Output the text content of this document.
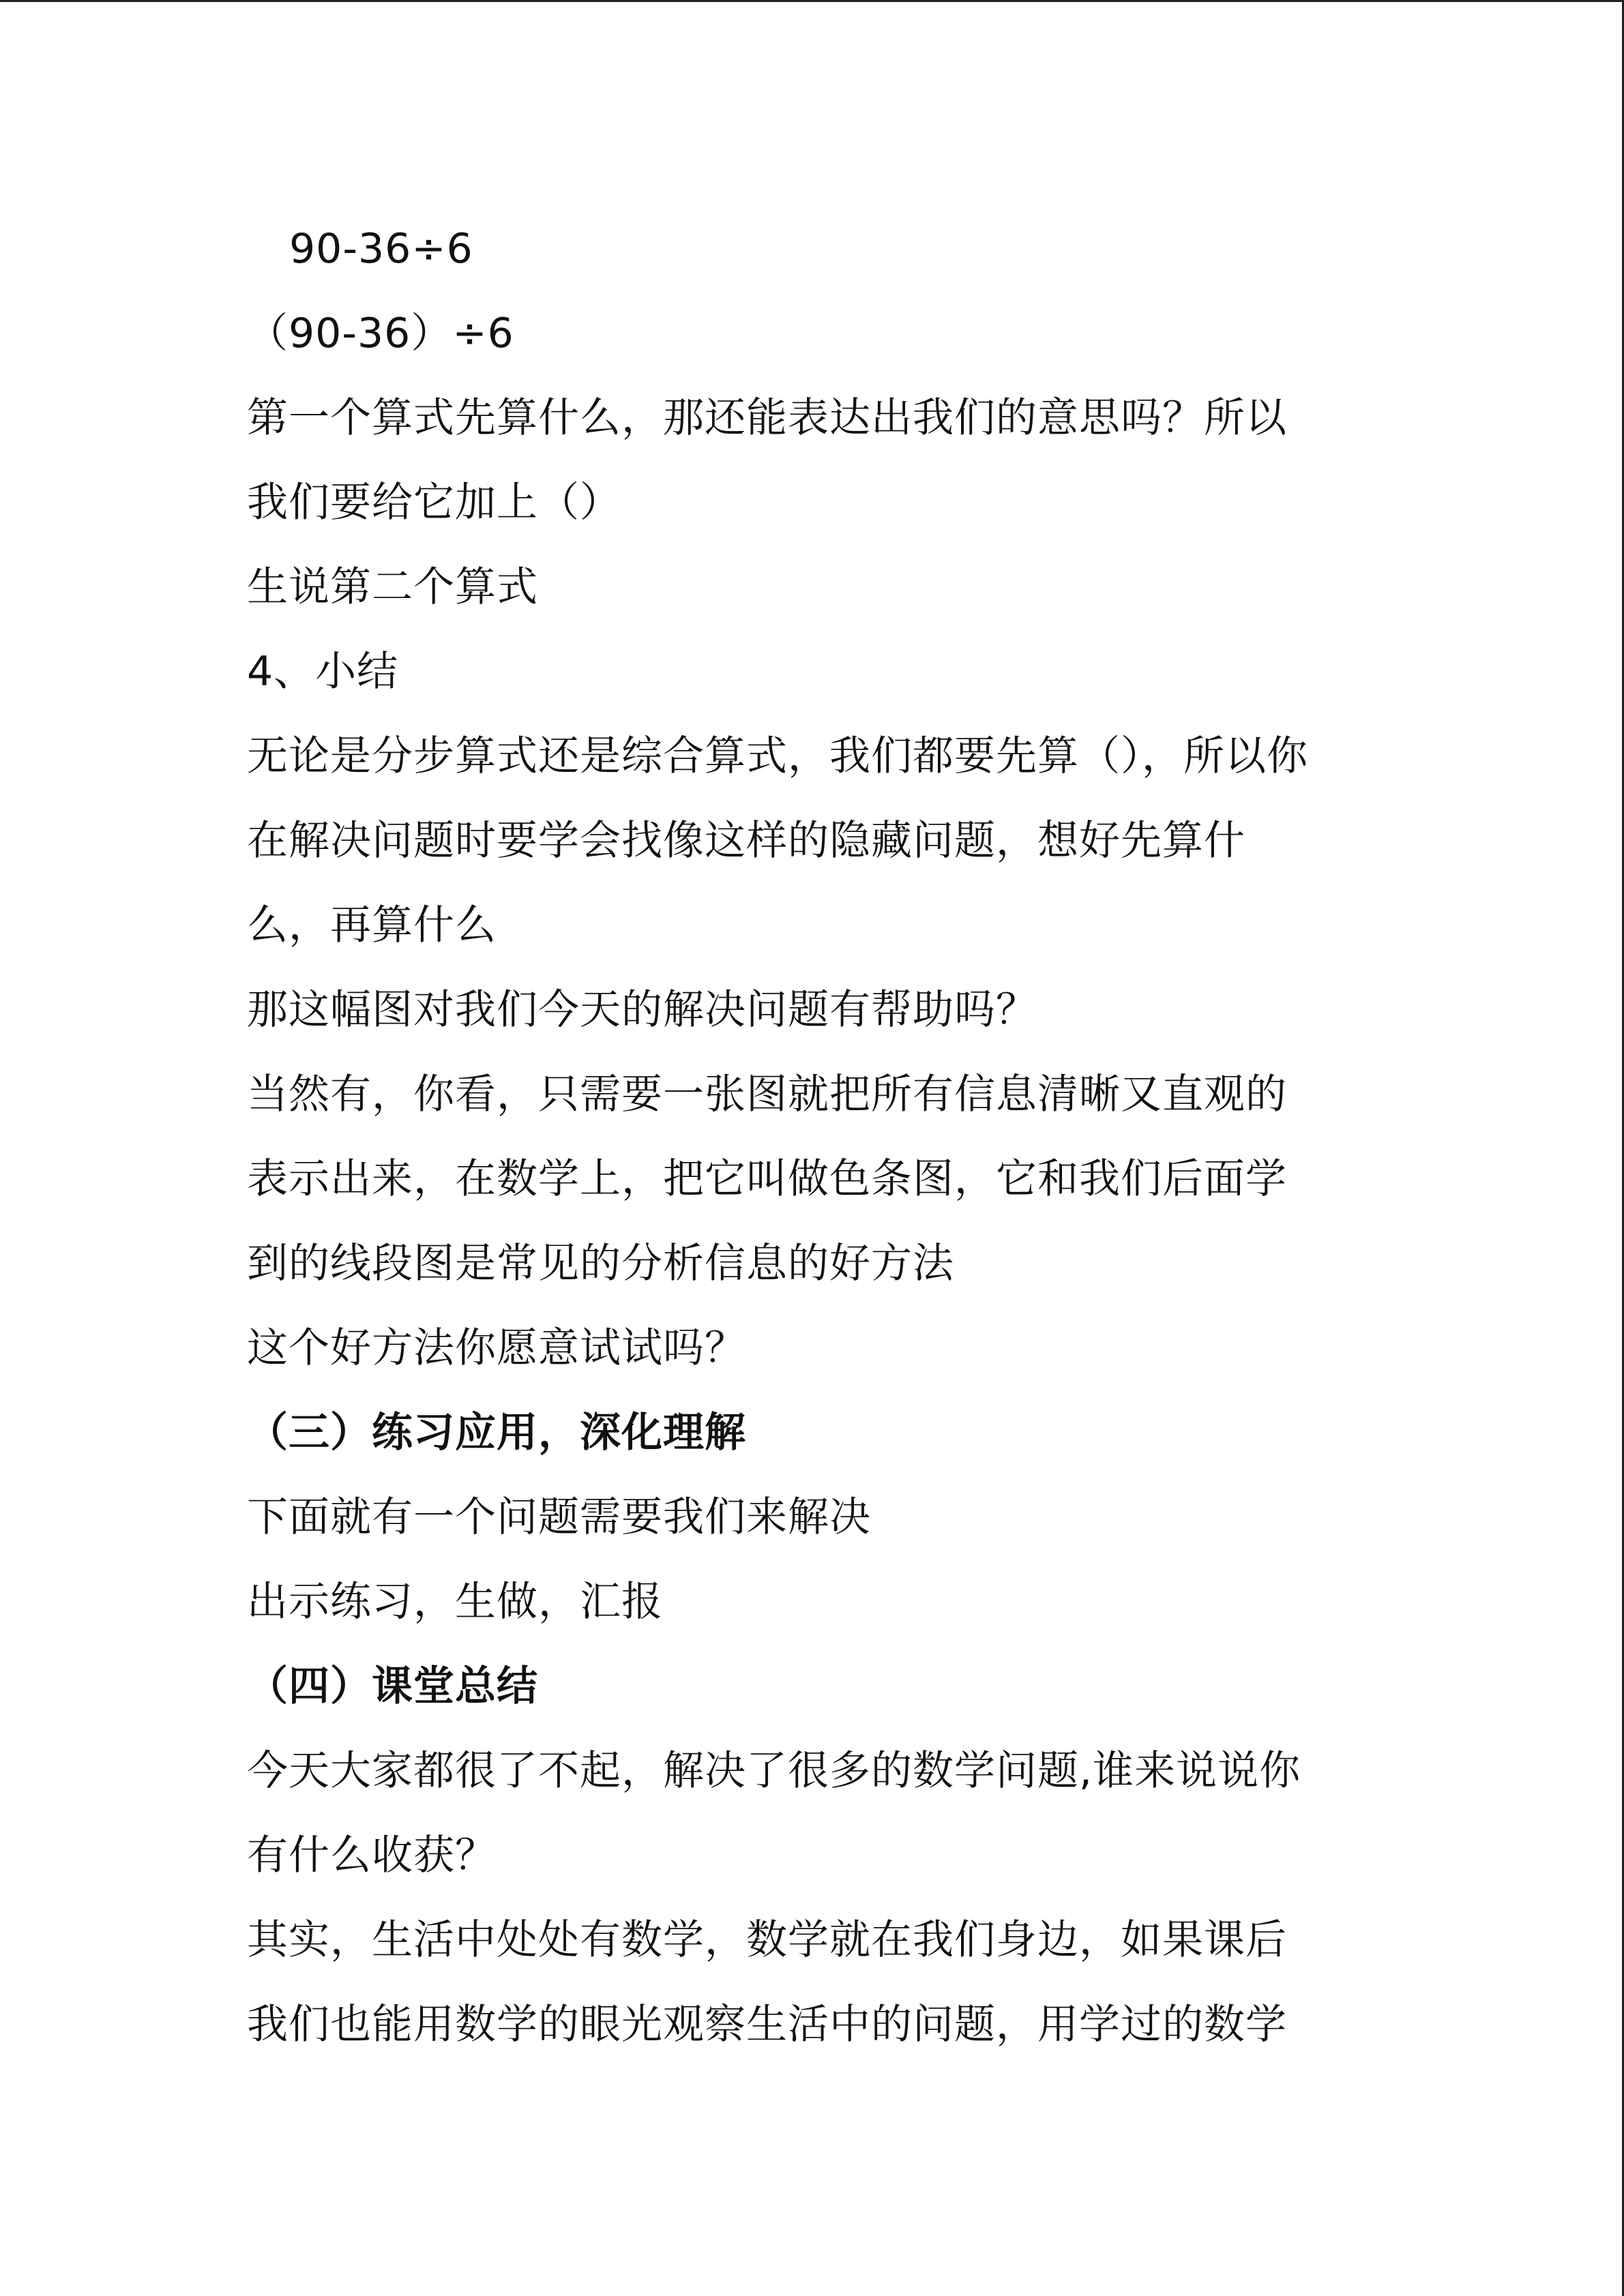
90-36÷6
（90-36）÷6
第一个算式先算什么，那还能表达出我们的意思吗？所以
我们要给它加上（）
生说第二个算式
4、小结
无论是分步算式还是综合算式，我们都要先算（），所以你
在解决问题时要学会找像这样的隐藏问题，想好先算什
么，再算什么
那这幅图对我们今天的解决问题有帮助吗？
当然有，你看，只需要一张图就把所有信息清晰又直观的
表示出来，在数学上，把它叫做色条图，它和我们后面学
到的线段图是常见的分析信息的好方法
这个好方法你愿意试试吗？
（三）练习应用，深化理解
下面就有一个问题需要我们来解决
出示练习，生做，汇报
（四）课堂总结
今天大家都很了不起，解决了很多的数学问题,谁来说说你
有什么收获？
其实，生活中处处有数学，数学就在我们身边，如果课后
我们也能用数学的眼光观察生活中的问题，用学过的数学
